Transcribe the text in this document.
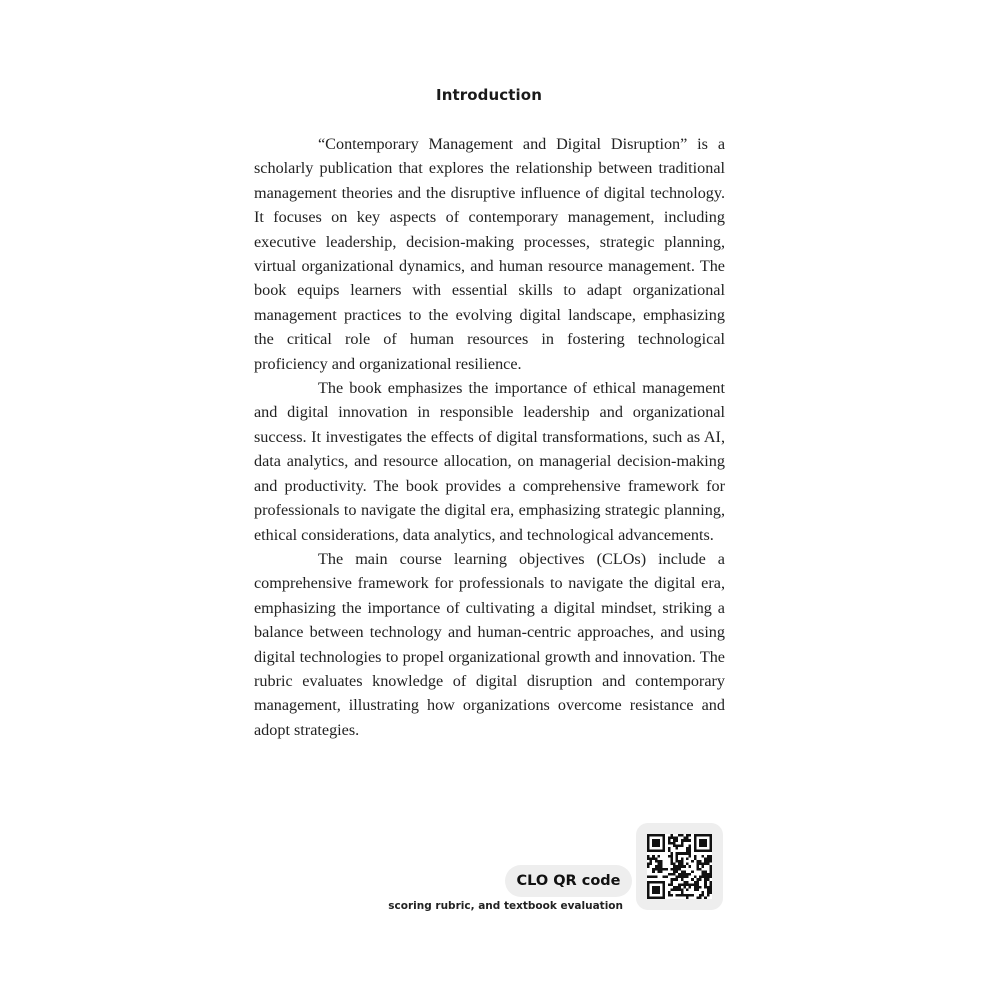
Introduction

“Contemporary Management and Digital Disruption” is a scholarly publication that explores the relationship between traditional management theories and the disruptive influence of digital technology. It focuses on key aspects of contemporary management, including executive leadership, decision-making processes, strategic planning, virtual organizational dynamics, and human resource management. The book equips learners with essential skills to adapt organizational management practices to the evolving digital landscape, emphasizing the critical role of human resources in fostering technological proficiency and organizational resilience.

The book emphasizes the importance of ethical management and digital innovation in responsible leadership and organizational success. It investigates the effects of digital transformations, such as AI, data analytics, and resource allocation, on managerial decision-making and productivity. The book provides a comprehensive framework for professionals to navigate the digital era, emphasizing strategic planning, ethical considerations, data analytics, and technological advancements.

The main course learning objectives (CLOs) include a comprehensive framework for professionals to navigate the digital era, emphasizing the importance of cultivating a digital mindset, striking a balance between technology and human-centric approaches, and using digital technologies to propel organizational growth and innovation. The rubric evaluates knowledge of digital disruption and contemporary management, illustrating how organizations overcome resistance and adopt strategies.

CLO QR code
scoring rubric, and textbook evaluation
